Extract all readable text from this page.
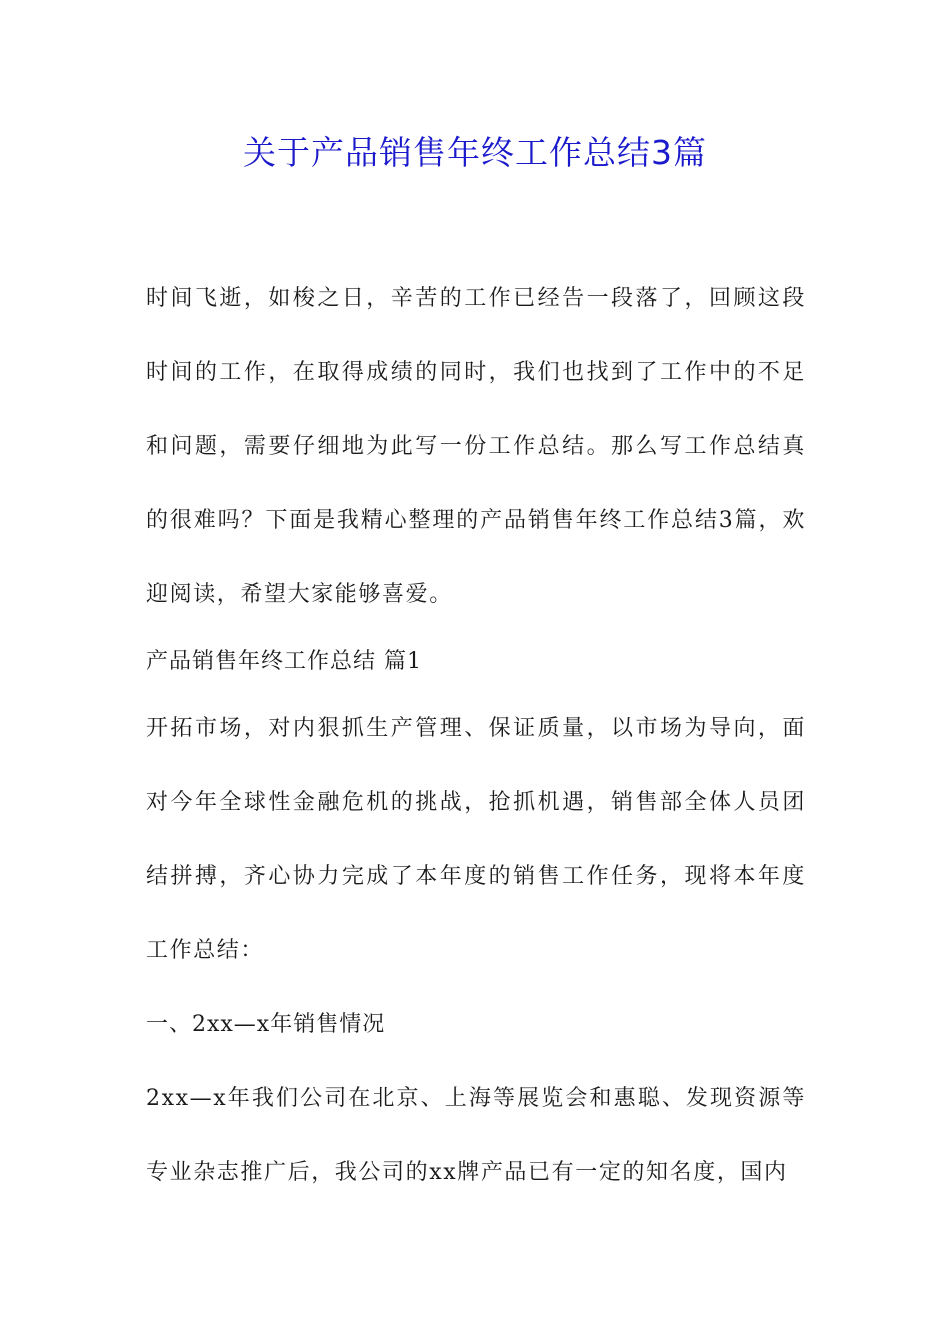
关于产品销售年终工作总结3篇

时间飞逝，如梭之日，辛苦的工作已经告一段落了，回顾这段时间的工作，在取得成绩的同时，我们也找到了工作中的不足和问题，需要仔细地为此写一份工作总结。那么写工作总结真的很难吗？下面是我精心整理的产品销售年终工作总结3篇，欢迎阅读，希望大家能够喜爱。

产品销售年终工作总结 篇1

开拓市场，对内狠抓生产管理、保证质量，以市场为导向，面对今年全球性金融危机的挑战，抢抓机遇，销售部全体人员团结拼搏，齐心协力完成了本年度的销售工作任务，现将本年度工作总结：

一、2xx—x年销售情况

2xx—x年我们公司在北京、上海等展览会和惠聪、发现资源等专业杂志推广后，我公司的xx牌产品已有一定的知名度，国内
